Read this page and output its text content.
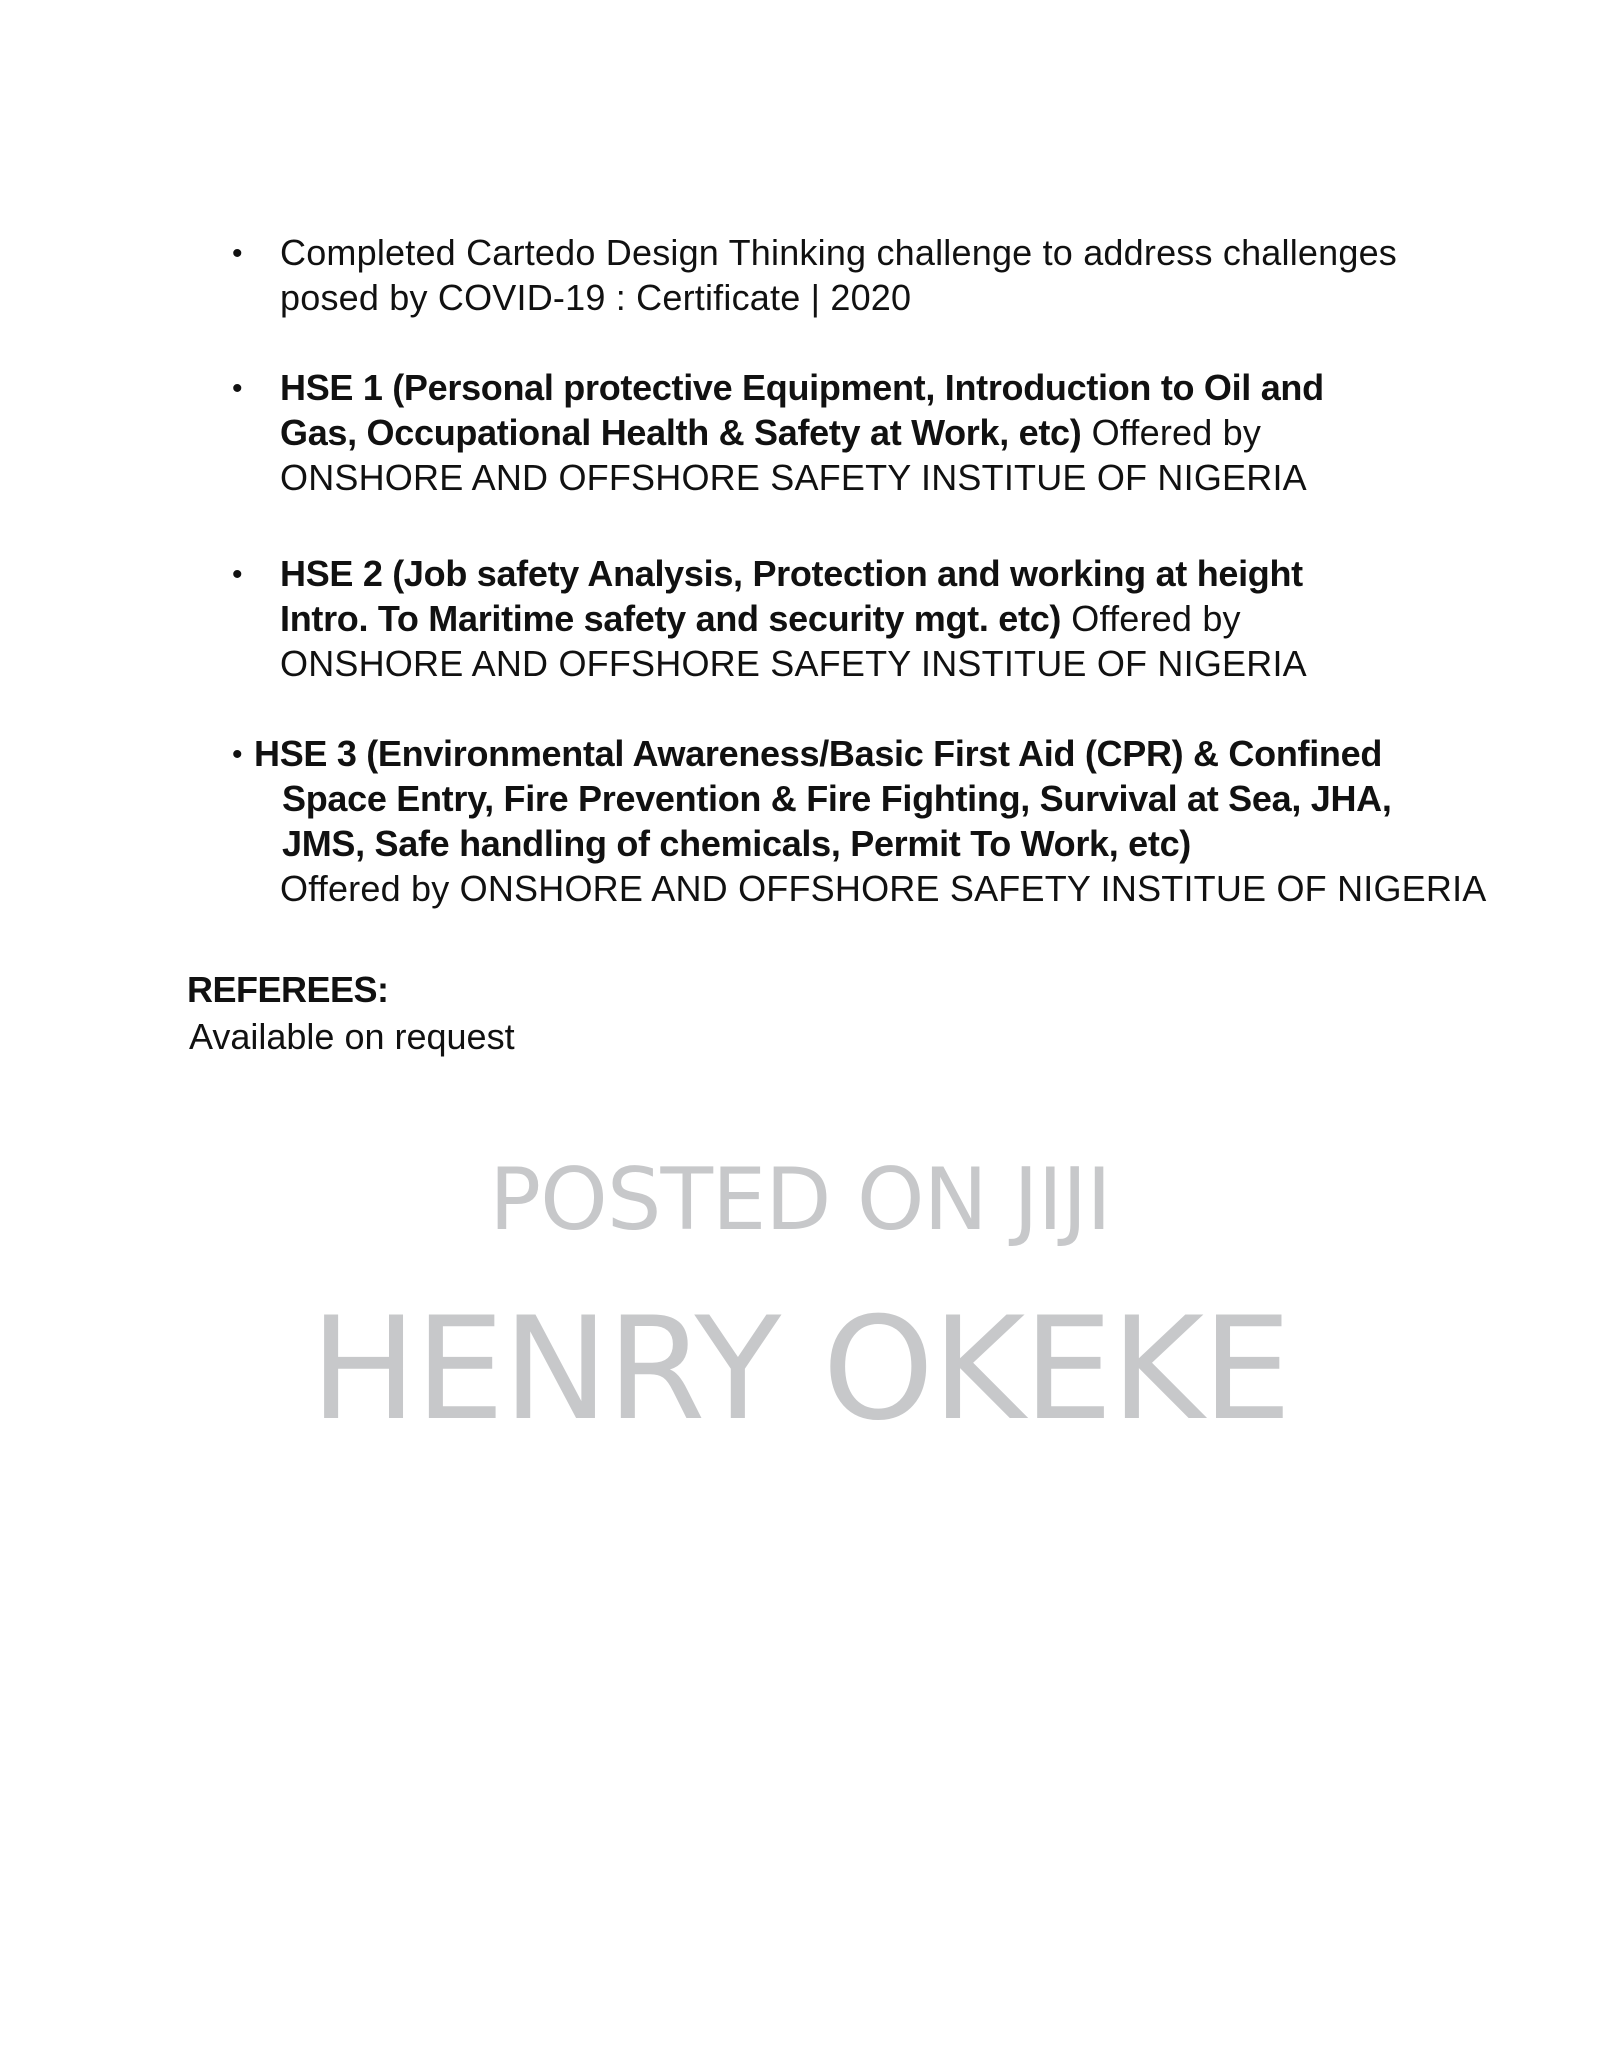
• Completed Cartedo Design Thinking challenge to address challenges
posed by COVID-19 : Certificate | 2020
• HSE 1 (Personal protective Equipment, Introduction to Oil and
Gas, Occupational Health & Safety at Work, etc) Offered by
ONSHORE AND OFFSHORE SAFETY INSTITUE OF NIGERIA
• HSE 2 (Job safety Analysis, Protection and working at height
Intro. To Maritime safety and security mgt. etc) Offered by
ONSHORE AND OFFSHORE SAFETY INSTITUE OF NIGERIA
• HSE 3 (Environmental Awareness/Basic First Aid (CPR) & Confined
Space Entry, Fire Prevention & Fire Fighting, Survival at Sea, JHA,
JMS, Safe handling of chemicals, Permit To Work, etc)
Offered by ONSHORE AND OFFSHORE SAFETY INSTITUE OF NIGERIA
REFEREES:
Available on request
POSTED ON JIJI
HENRY OKEKE
